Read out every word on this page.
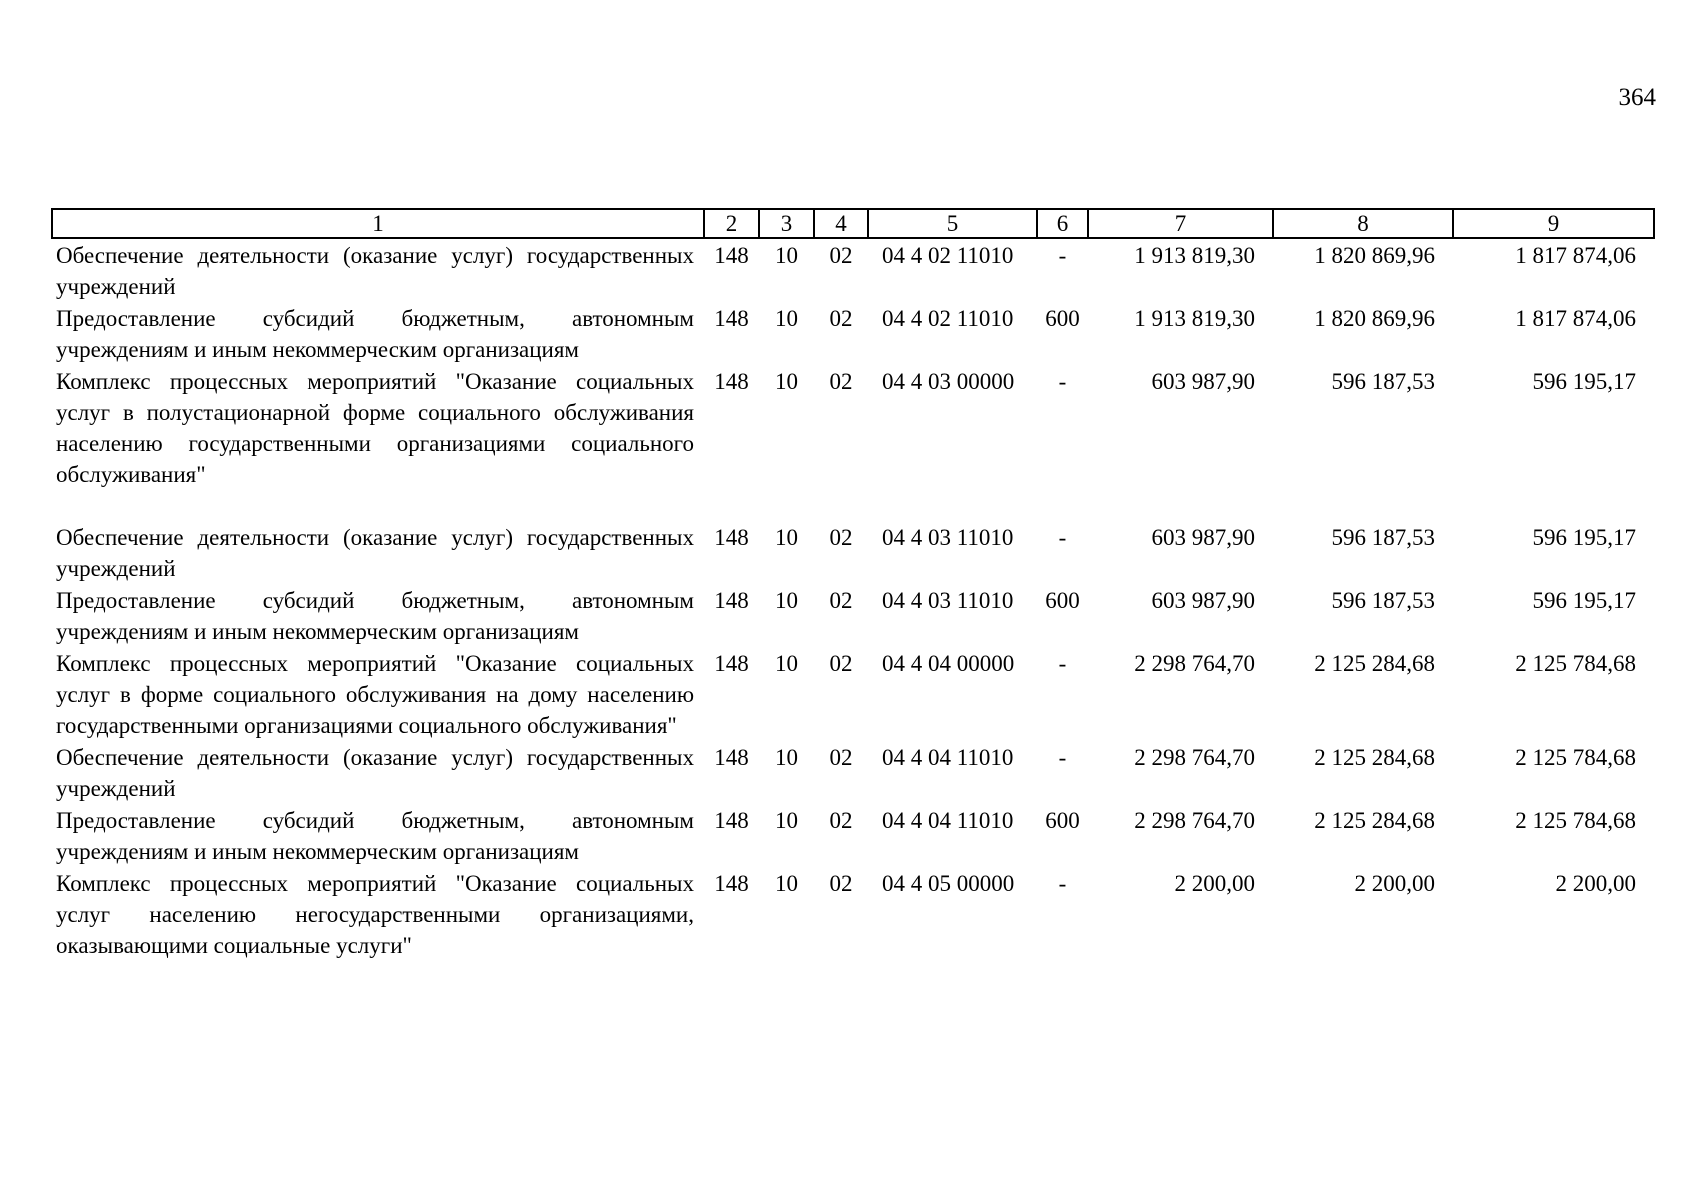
364
1	2	3	4	5	6	7	8	9
Обеспечение деятельности (оказание услуг) государственных учреждений	148	10	02	04 4 02 11010	-	1 913 819,30	1 820 869,96	1 817 874,06
Предоставление субсидий бюджетным, автономным учреждениям и иным некоммерческим организациям	148	10	02	04 4 02 11010	600	1 913 819,30	1 820 869,96	1 817 874,06
Комплекс процессных мероприятий "Оказание социальных услуг в полустационарной форме социального обслуживания населению государственными организациями социального обслуживания"	148	10	02	04 4 03 00000	-	603 987,90	596 187,53	596 195,17

Обеспечение деятельности (оказание услуг) государственных учреждений	148	10	02	04 4 03 11010	-	603 987,90	596 187,53	596 195,17
Предоставление субсидий бюджетным, автономным учреждениям и иным некоммерческим организациям	148	10	02	04 4 03 11010	600	603 987,90	596 187,53	596 195,17
Комплекс процессных мероприятий "Оказание социальных услуг в форме социального обслуживания на дому населению государственными организациями социального обслуживания"	148	10	02	04 4 04 00000	-	2 298 764,70	2 125 284,68	2 125 784,68
Обеспечение деятельности (оказание услуг) государственных учреждений	148	10	02	04 4 04 11010	-	2 298 764,70	2 125 284,68	2 125 784,68
Предоставление субсидий бюджетным, автономным учреждениям и иным некоммерческим организациям	148	10	02	04 4 04 11010	600	2 298 764,70	2 125 284,68	2 125 784,68
Комплекс процессных мероприятий "Оказание социальных услуг населению негосударственными организациями, оказывающими социальные услуги"	148	10	02	04 4 05 00000	-	2 200,00	2 200,00	2 200,00
